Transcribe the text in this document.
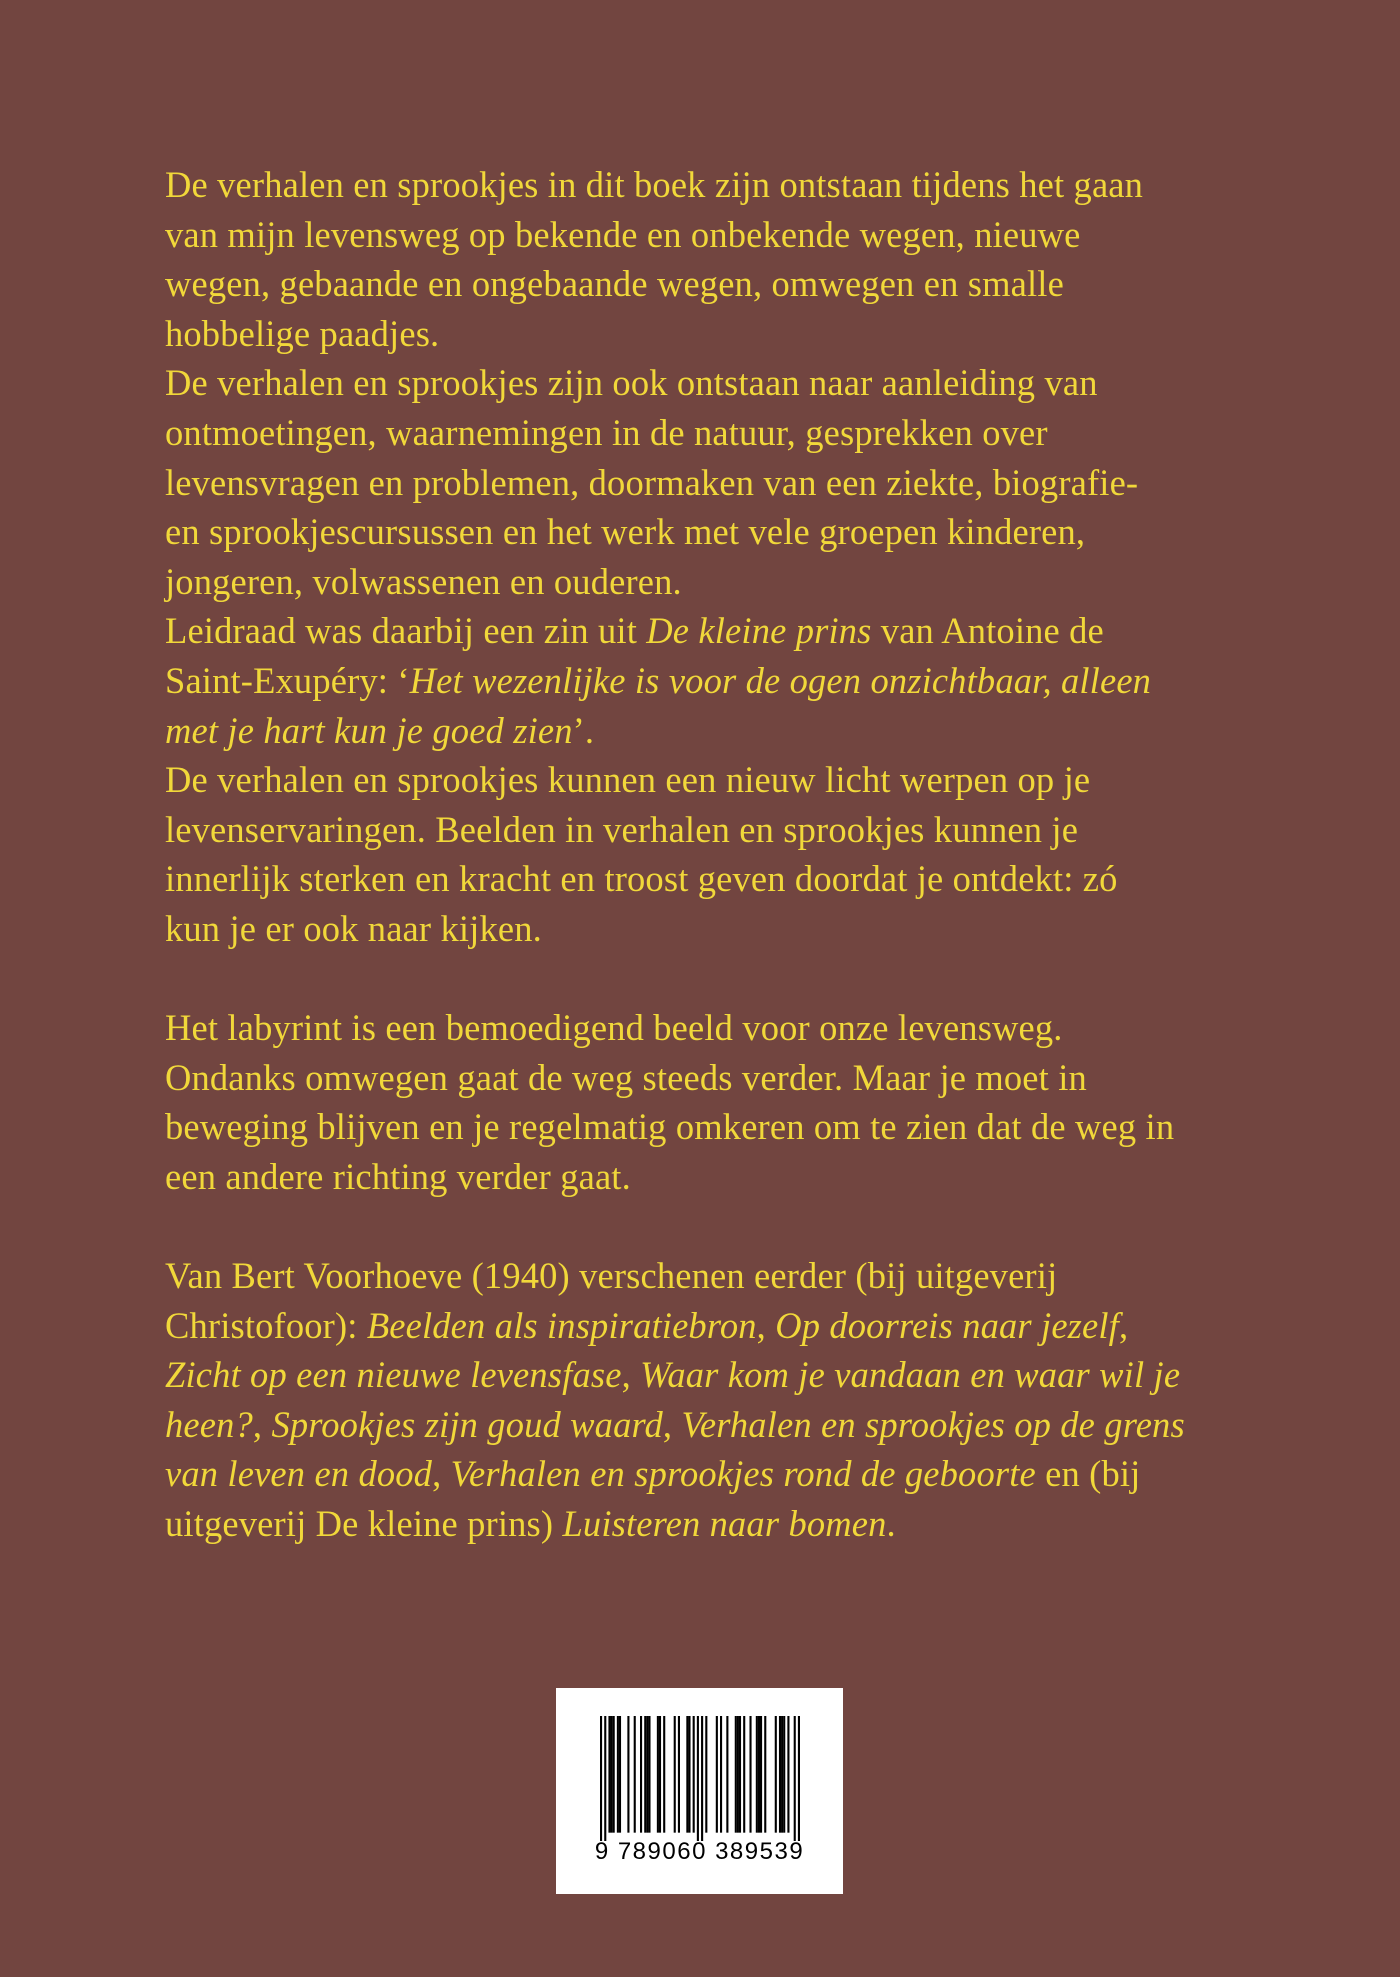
De verhalen en sprookjes in dit boek zijn ontstaan tijdens het gaan
van mijn levensweg op bekende en onbekende wegen, nieuwe
wegen, gebaande en ongebaande wegen, omwegen en smalle
hobbelige paadjes.
De verhalen en sprookjes zijn ook ontstaan naar aanleiding van
ontmoetingen, waarnemingen in de natuur, gesprekken over
levensvragen en problemen, doormaken van een ziekte, biografie-
en sprookjescursussen en het werk met vele groepen kinderen,
jongeren, volwassenen en ouderen.
Leidraad was daarbij een zin uit De kleine prins van Antoine de
Saint-Exupéry: ‘Het wezenlijke is voor de ogen onzichtbaar, alleen
met je hart kun je goed zien’.
De verhalen en sprookjes kunnen een nieuw licht werpen op je
levenservaringen. Beelden in verhalen en sprookjes kunnen je
innerlijk sterken en kracht en troost geven doordat je ontdekt: zó
kun je er ook naar kijken.
Het labyrint is een bemoedigend beeld voor onze levensweg.
Ondanks omwegen gaat de weg steeds verder. Maar je moet in
beweging blijven en je regelmatig omkeren om te zien dat de weg in
een andere richting verder gaat.
Van Bert Voorhoeve (1940) verschenen eerder (bij uitgeverij
Christofoor): Beelden als inspiratiebron, Op doorreis naar jezelf,
Zicht op een nieuwe levensfase, Waar kom je vandaan en waar wil je
heen?, Sprookjes zijn goud waard, Verhalen en sprookjes op de grens
van leven en dood, Verhalen en sprookjes rond de geboorte en (bij
uitgeverij De kleine prins) Luisteren naar bomen.
9 789060 389539
